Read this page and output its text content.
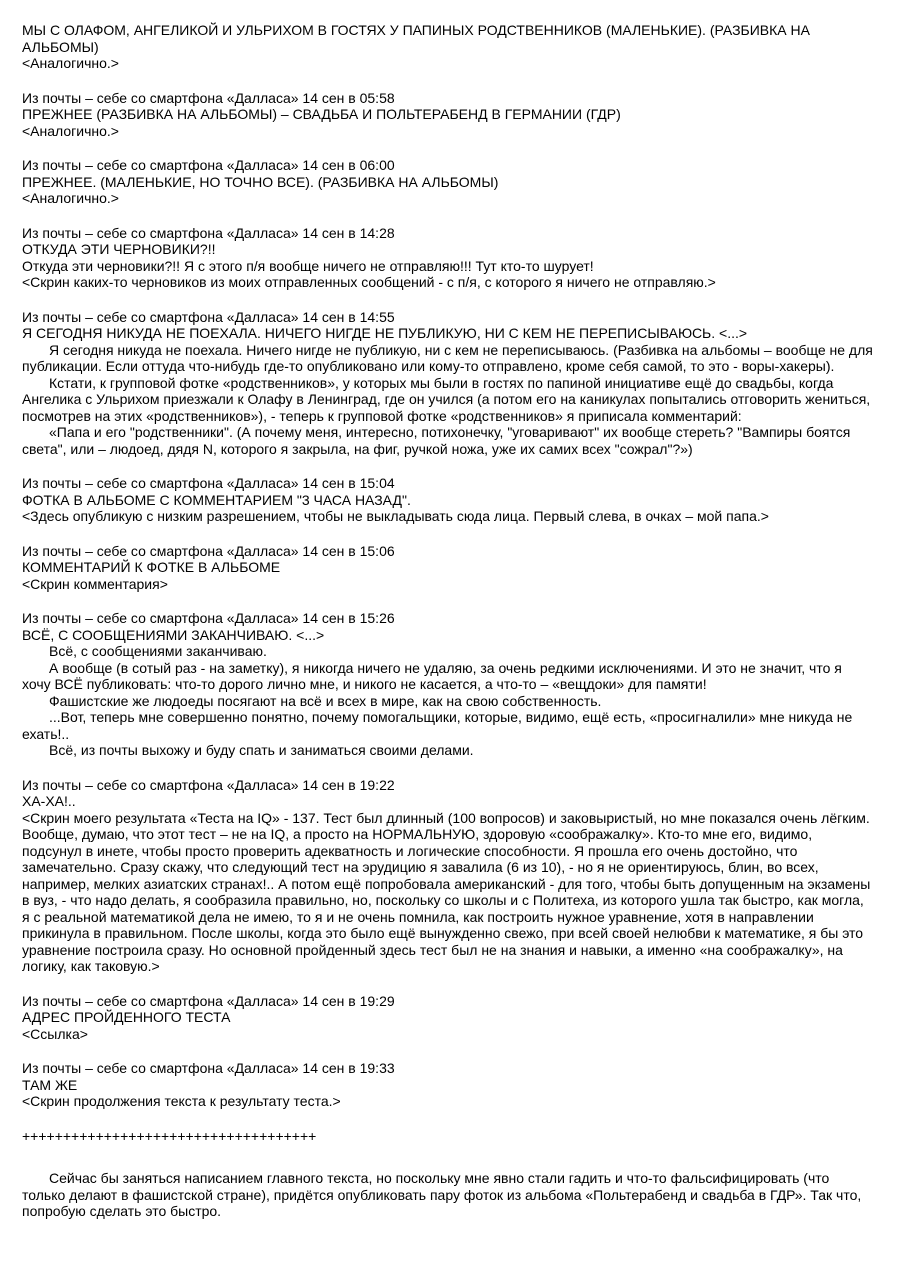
МЫ С ОЛАФОМ, АНГЕЛИКОЙ И УЛЬРИХОМ В ГОСТЯХ У ПАПИНЫХ РОДСТВЕННИКОВ (МАЛЕНЬКИЕ). (РАЗБИВКА НА АЛЬБОМЫ)
<Аналогично.>
Из почты – себе со смартфона «Далласа» 14 сен в 05:58
ПРЕЖНЕЕ (РАЗБИВКА НА АЛЬБОМЫ) – СВАДЬБА И ПОЛЬТЕРАБЕНД В ГЕРМАНИИ (ГДР)
<Аналогично.>
Из почты – себе со смартфона «Далласа» 14 сен в 06:00
ПРЕЖНЕЕ. (МАЛЕНЬКИЕ, НО ТОЧНО ВСЕ). (РАЗБИВКА НА АЛЬБОМЫ)
<Аналогично.>
Из почты – себе со смартфона «Далласа» 14 сен в 14:28
ОТКУДА ЭТИ ЧЕРНОВИКИ?!!
Откуда эти черновики?!! Я с этого п/я вообще ничего не отправляю!!! Тут кто-то шурует!
<Скрин каких-то черновиков из моих отправленных сообщений - с п/я, с которого я ничего не отправляю.>
Из почты – себе со смартфона «Далласа» 14 сен в 14:55
Я СЕГОДНЯ НИКУДА НЕ ПОЕХАЛА. НИЧЕГО НИГДЕ НЕ ПУБЛИКУЮ, НИ С КЕМ НЕ ПЕРЕПИСЫВАЮСЬ. <...>
Я сегодня никуда не поехала. Ничего нигде не публикую, ни с кем не переписываюсь. (Разбивка на альбомы – вообще не для публикации. Если оттуда что-нибудь где-то опубликовано или кому-то отправлено, кроме себя самой, то это - воры-хакеры).
Кстати, к групповой фотке «родственников», у которых мы были в гостях по папиной инициативе ещё до свадьбы, когда Ангелика с Ульрихом приезжали к Олафу в Ленинград, где он учился (а потом его на каникулах попытались отговорить жениться, посмотрев на этих «родственников»), - теперь к групповой фотке «родственников» я приписала комментарий:
«Папа и его "родственники". (А почему меня, интересно, потихонечку, "уговаривают" их вообще стереть? "Вампиры боятся света", или – людоед, дядя N, которого я закрыла, на фиг, ручкой ножа, уже их самих всех "сожрал"?»)
Из почты – себе со смартфона «Далласа» 14 сен в 15:04
ФОТКА В АЛЬБОМЕ С КОММЕНТАРИЕМ "3 ЧАСА НАЗАД".
<Здесь опубликую с низким разрешением, чтобы не выкладывать сюда лица. Первый слева, в очках – мой папа.>
Из почты – себе со смартфона «Далласа» 14 сен в 15:06
КОММЕНТАРИЙ К ФОТКЕ В АЛЬБОМЕ
<Скрин комментария>
Из почты – себе со смартфона «Далласа» 14 сен в 15:26
ВСЁ, С СООБЩЕНИЯМИ ЗАКАНЧИВАЮ. <...>
Всё, с сообщениями заканчиваю.
А вообще (в сотый раз - на заметку), я никогда ничего не удаляю, за очень редкими исключениями. И это не значит, что я хочу ВСЁ публиковать: что-то дорого лично мне, и никого не касается, а что-то – «вещдоки» для памяти!
Фашистские же людоеды посягают на всё и всех в мире, как на свою собственность.
...Вот, теперь мне совершенно понятно, почему помогальщики, которые, видимо, ещё есть, «просигналили» мне никуда не ехать!..
Всё, из почты выхожу и буду спать и заниматься своими делами.
Из почты – себе со смартфона «Далласа» 14 сен в 19:22
ХА-ХА!..
<Скрин моего результата «Теста на IQ» - 137. Тест был длинный (100 вопросов) и заковыристый, но мне показался очень лёгким. Вообще, думаю, что этот тест – не на IQ, а просто на НОРМАЛЬНУЮ, здоровую «соображалку». Кто-то мне его, видимо, подсунул в инете, чтобы просто проверить адекватность и логические способности. Я прошла его очень достойно, что замечательно. Сразу скажу, что следующий тест на эрудицию я завалила (6 из 10), - но я не ориентируюсь, блин, во всех, например, мелких азиатских странах!.. А потом ещё попробовала американский - для того, чтобы быть допущенным на экзамены в вуз, - что надо делать, я сообразила правильно, но, поскольку со школы и с Политеха, из которого ушла так быстро, как могла, я с реальной математикой дела не имею, то я и не очень помнила, как построить нужное уравнение, хотя в направлении прикинула в правильном. После школы, когда это было ещё вынужденно свежо, при всей своей нелюбви к математике, я бы это уравнение построила сразу. Но основной пройденный здесь тест был не на знания и навыки, а именно «на соображалку», на логику, как таковую.>
Из почты – себе со смартфона «Далласа» 14 сен в 19:29
АДРЕС ПРОЙДЕННОГО ТЕСТА
<Ссылка>
Из почты – себе со смартфона «Далласа» 14 сен в 19:33
ТАМ ЖЕ
<Скрин продолжения текста к результату теста.>
++++++++++++++++++++++++++++++++++++
Сейчас бы заняться написанием главного текста, но поскольку мне явно стали гадить и что-то фальсифицировать (что только делают в фашистской стране), придётся опубликовать пару фоток из альбома «Польтерабенд и свадьба в ГДР». Так что, попробую сделать это быстро.
